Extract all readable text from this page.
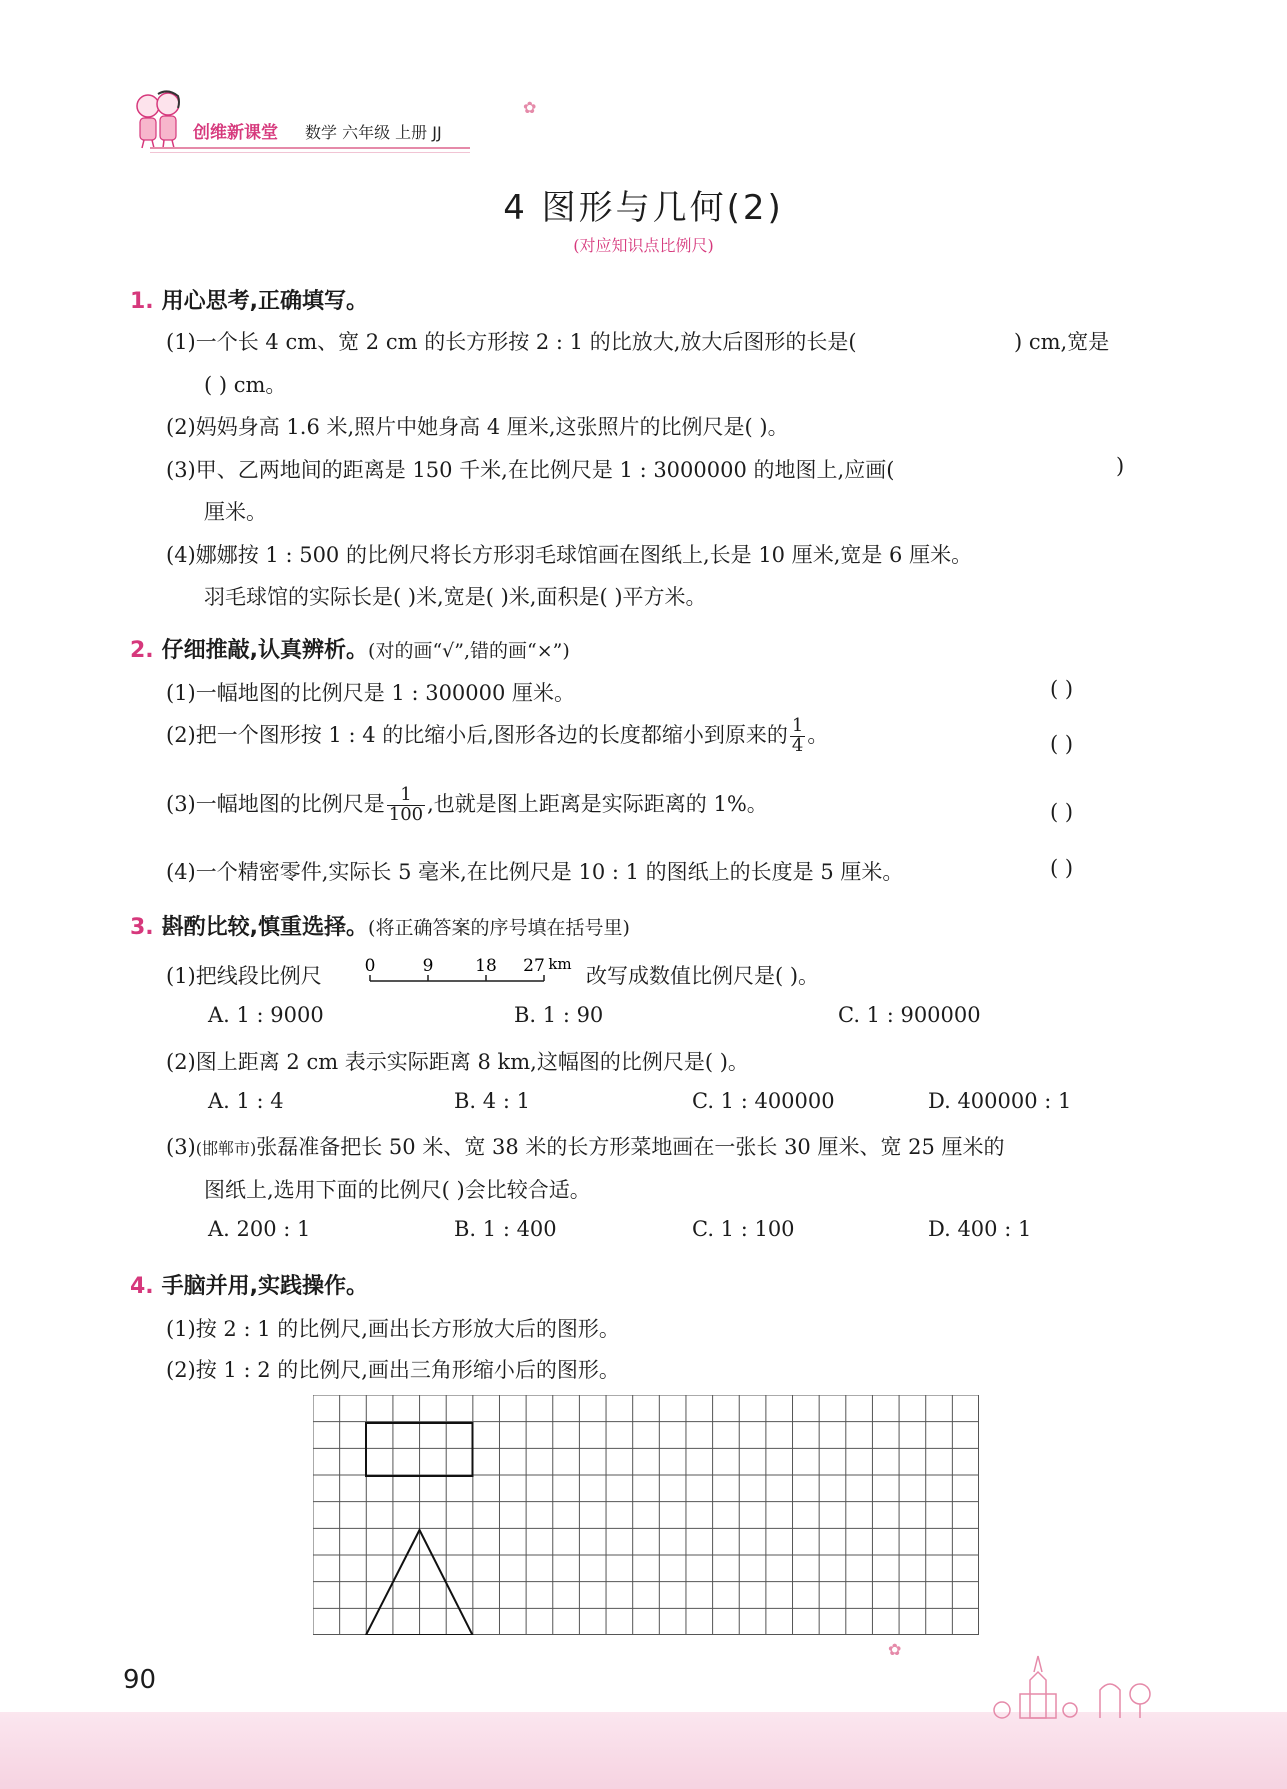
创维新课堂 数学 六年级 上册 JJ
✿
4 图形与几何(2)
(对应知识点比例尺)
1. 用心思考,正确填写。
(1)一个长 4 cm、宽 2 cm 的长方形按 2 : 1 的比放大,放大后图形的长是(	) cm,宽是
( ) cm。
(2)妈妈身高 1.6 米,照片中她身高 4 厘米,这张照片的比例尺是( )。
(3)甲、乙两地间的距离是 150 千米,在比例尺是 1 : 3000000 的地图上,应画(	)
厘米。
(4)娜娜按 1 : 500 的比例尺将长方形羽毛球馆画在图纸上,长是 10 厘米,宽是 6 厘米。
羽毛球馆的实际长是( )米,宽是( )米,面积是( )平方米。
2. 仔细推敲,认真辨析。(对的画“√”,错的画“×”)
(1)一幅地图的比例尺是 1 : 300000 厘米。	( )
(2)把一个图形按 1 : 4 的比缩小后,图形各边的长度都缩小到原来的 $\frac{1}{4}$ 。	( )
(3)一幅地图的比例尺是 $\frac{1}{100}$ ,也就是图上距离是实际距离的 1%。	( )
(4)一个精密零件,实际长 5 毫米,在比例尺是 10 : 1 的图纸上的长度是 5 厘米。	( )
3. 斟酌比较,慎重选择。(将正确答案的序号填在括号里)
(1)把线段比例尺	0	9 18 27 km 改写成数值比例尺是( )。
A. 1 : 9000	B. 1 : 90	C. 1 : 900000
(2)图上距离 2 cm 表示实际距离 8 km,这幅图的比例尺是( )。
A. 1 : 4	B. 4 : 1	C. 1 : 400000	D. 400000 : 1
(3)(邯郸市)张磊准备把长 50 米、宽 38 米的长方形菜地画在一张长 30 厘米、宽 25 厘米的
图纸上,选用下面的比例尺( )会比较合适。
A. 200 : 1	B. 1 : 400	C. 1 : 100	D. 400 : 1
4. 手脑并用,实践操作。
(1)按 2 : 1 的比例尺,画出长方形放大后的图形。
(2)按 1 : 2 的比例尺,画出三角形缩小后的图形。
90
✿
